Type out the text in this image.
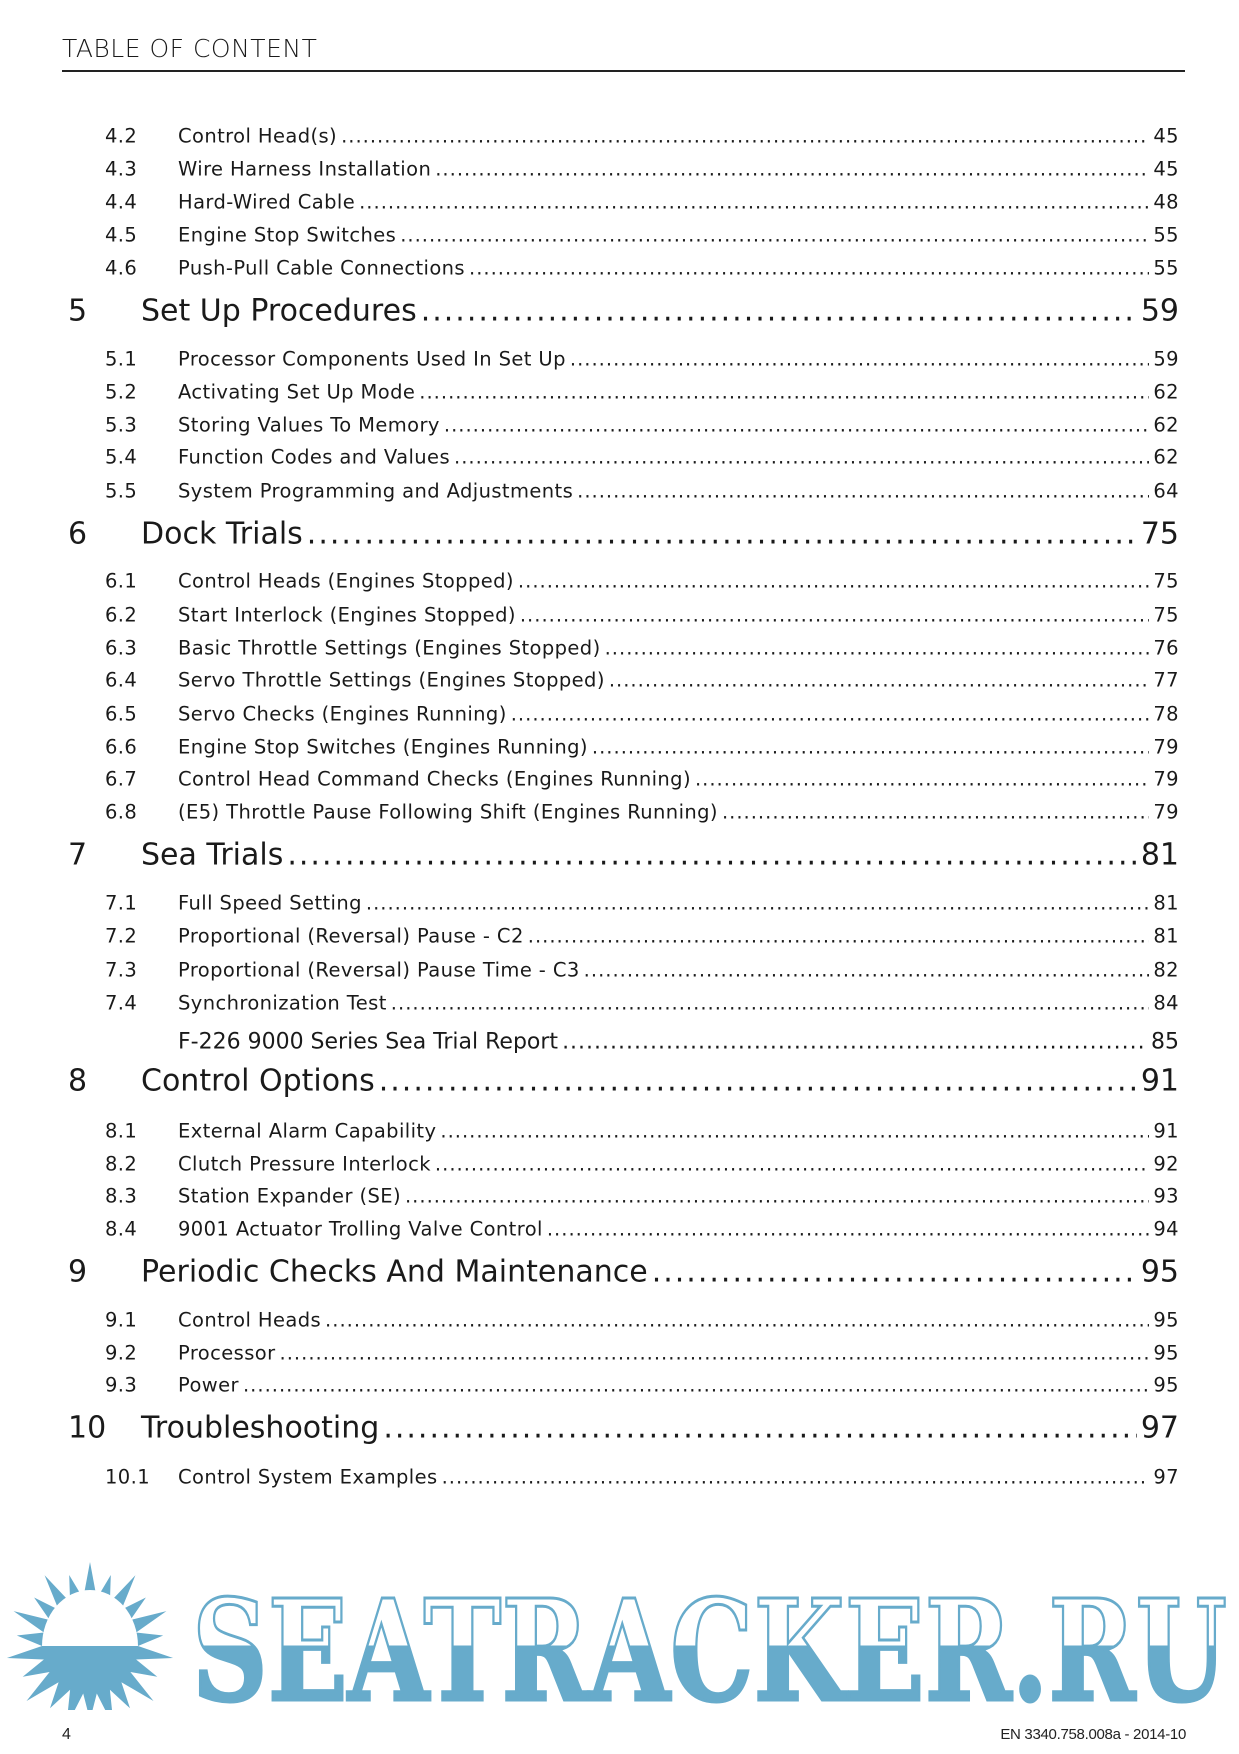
TABLE OF CONTENT
4.2 Control Head(s) .....	45
4.3 Wire Harness Installation .....	45
4.4 Hard-Wired Cable .....	48
4.5 Engine Stop Switches .....	55
4.6 Push-Pull Cable Connections .....	55
5 Set Up Procedures .....	59
5.1 Processor Components Used In Set Up .....	59
5.2 Activating Set Up Mode .....	62
5.3 Storing Values To Memory .....	62
5.4 Function Codes and Values .....	62
5.5 System Programming and Adjustments .....	64
6 Dock Trials .....	75
6.1 Control Heads (Engines Stopped) .....	75
6.2 Start Interlock (Engines Stopped) .....	75
6.3 Basic Throttle Settings (Engines Stopped) .....	76
6.4 Servo Throttle Settings (Engines Stopped) .....	77
6.5 Servo Checks (Engines Running) .....	78
6.6 Engine Stop Switches (Engines Running) .....	79
6.7 Control Head Command Checks (Engines Running) .....	79
6.8 (E5) Throttle Pause Following Shift (Engines Running) .....	79
7 Sea Trials .....	81
7.1 Full Speed Setting .....	81
7.2 Proportional (Reversal) Pause - C2 .....	81
7.3 Proportional (Reversal) Pause Time - C3 .....	82
7.4 Synchronization Test .....	84
F-226 9000 Series Sea Trial Report .....	85
8 Control Options .....	91
8.1 External Alarm Capability .....	91
8.2 Clutch Pressure Interlock .....	92
8.3 Station Expander (SE) .....	93
8.4 9001 Actuator Trolling Valve Control .....	94
9 Periodic Checks And Maintenance .....	95
9.1 Control Heads .....	95
9.2 Processor .....	95
9.3 Power .....	95
10 Troubleshooting .....	97
10.1 Control System Examples .....	97
SEATRACKER.RU
4	EN 3340.758.008a - 2014-10
